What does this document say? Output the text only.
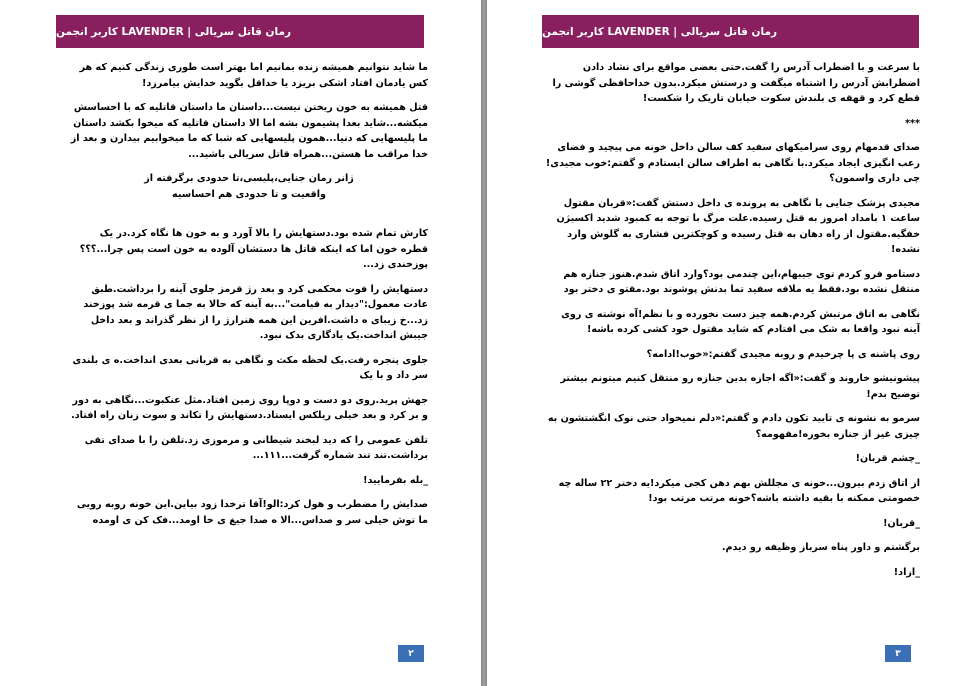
رمان قاتل سریالی | LAVENDER کاربر انجمن

ما شاید نتوانیم همیشه زنده بمانیم اما بهتر است طوری زندگی کنیم که هر کس یادمان افتاد اشکی بریزد یا خداقل بگوید خدایش بیامرزد!

قتل همیشه به خون ریختن نیست...داستان ما داستان قاتلیه که با احساسش میکشه...شاید بعدا پشیمون بشه اما الا داستان قاتلیه که میخوا بکشد داستان ما پلیسهایی که دنیا...همون پلیسهایی که شبا که ما میخوابیم بیدارن و بعد از خدا مراقب ما هستن...همراه قاتل سریالی باشید...

ژانر رمان جنایی،پلیسی،تا حدودی برگرفته از واقعیت و تا حدودی هم احساسیه

کارش تمام شده بود.دستهایش را بالا آورد و به خون ها نگاه کرد.در یک قطره خون اما که اینکه قاتل ها دستشان آلوده به خون است پس چرا...؟؟؟پوزخندی زد...

دستهایش را فوت محکمی کرد و بعد رژ قرمز جلوی آینه را برداشت.طبق عادت معمول:"دیدار به قیامت"...به آینه که حالا به جما ی قرمه شد پوزخند زد...خ زیبای ه داشت.افرین این همه هنرارژ را از نظر گذراند و بعد داخل جیبش انداخت.یک یادگاری بدک نبود.

جلوی پنجره رفت.یک لحظه مکث و نگاهی به قربانی بعدی انداخت.ه ی بلندی سر داد و با یک

جهش پرید.روی دو دست و دوپا روی زمین افتاد.مثل عنکبوت...نگاهی به دور و بر کرد و بعد خیلی ریلکس ایستاد.دستهایش را تکاند و سوت زنان راه افتاد.

تلفن عمومی را که دید لبخند شیطانی و مرموزی زد.تلفن را با صدای تقی برداشت.تند تند شماره گرفت...۱۱۱...

_بله بفرمایید!

صدایش را مضطرب و هول کرد:الو!آقا ترخدا زود بیاین.این خونه روبه رویی ما توش خیلی سر و صداس...الا ه صدا جیغ ی خا اومد...فک کن ی اومده

۲
رمان قاتل سریالی | LAVENDER کاربر انجمن

با سرعت و با اضطراب آدرس را گفت.حتی بعضی مواقع برای نشاد دادن اضطرابش آدرس را اشتباه میگفت و درستش میکرد.بدون خداحافظی گوشی را قطع کرد و قهقه ی بلندش سکوت خیابان تاریک را شکست!

***

صدای قدمهام روی سرامیکهای سفید کف سالن داخل خونه می پیچید و فضای رعب انگیزی ایجاد میکرد.با نگاهی به اطراف سالن ایستادم و گفتم:خوب مجیدی!چی داری واسمون؟

مجیدی پزشک جنایی با نگاهی به پرونده ی داخل دستش گفت:«قربان مقتول ساعت ۱ بامداد امروز به قتل رسیده.علت مرگ با توجه به کمبود شدید اکسیژن خفگیه.مقتول از راه دهان به قتل رسیده و کوچکترین فشاری به گلوش وارد نشده!

دستامو فرو کردم توی جیبهام،این چندمی بود؟وارد اتاق شدم.هنوز جنازه هم منتقل نشده بود.فقط یه ملافه سفید تما بدنش پوشوند بود.مقتو ی دختر بود

نگاهی به اتاق مرتبش کردم.همه چیز دست نخورده و با نظم!آه نوشته ی روی آینه نبود واقعا به شک می افتادم که شاید مقتول خود کشی کرده باشه!

روی پاشنه ی پا چرخیدم و روبه مجیدی گفتم:«خوب!ادامه؟

پیشونیشو خاروند و گفت:«اگه اجازه بدین جنازه رو منتقل کنیم میتونم بیشتر توضیح بدم!

سرمو به نشونه ی تایید تکون دادم و گفتم:«دلم نمیخواد حتی نوک انگشتشون به چیزی غیر از جنازه بخوره!مفهومه؟

_چشم قربان!

از اتاق زدم بیرون...خونه ی مجللش بهم دهن کجی میکرد!یه دختر ۲۲ ساله چه خصومتی ممکنه با بقیه داشته باشه؟خونه مرتب مرتب بود!

_قربان!

برگشتم و داور پناه سرباز وظیفه رو دیدم.

_ازاد!

۳
